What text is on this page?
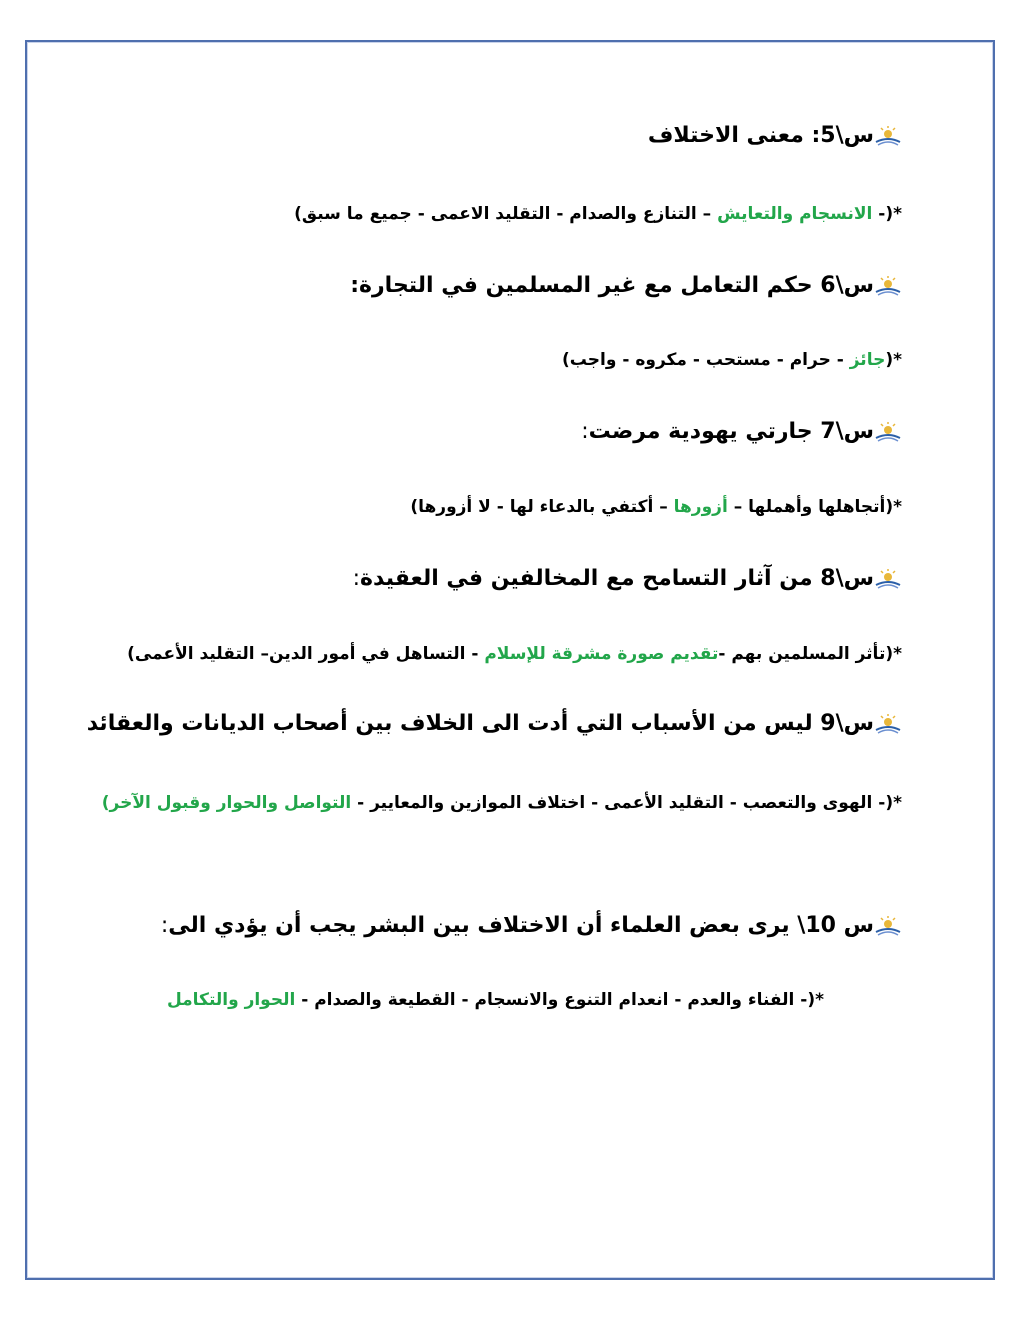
س\5: معنى الاختلاف
*(- الانسجام والتعايش – التنازع والصدام - التقليد الاعمى - جميع ما سبق)
س\6 حكم التعامل مع غير المسلمين في التجارة:
*(جائز - حرام - مستحب - مكروه - واجب)
س\7 جارتي يهودية مرضت:
*(أتجاهلها وأهملها – أزورها – أكتفي بالدعاء لها - لا أزورها)
س\8 من آثار التسامح مع المخالفين في العقيدة:
*(تأثر المسلمين بهم -تقديم صورة مشرقة للإسلام - التساهل في أمور الدين– التقليد الأعمى)
س\9 ليس من الأسباب التي أدت الى الخلاف بين أصحاب الديانات والعقائد
*(- الهوى والتعصب - التقليد الأعمى - اختلاف الموازين والمعايير - التواصل والحوار وقبول الآخر)
س 10\ يرى بعض العلماء أن الاختلاف بين البشر يجب أن يؤدي الى:
*(- الفناء والعدم - انعدام التنوع والانسجام - القطيعة والصدام - الحوار والتكامل
